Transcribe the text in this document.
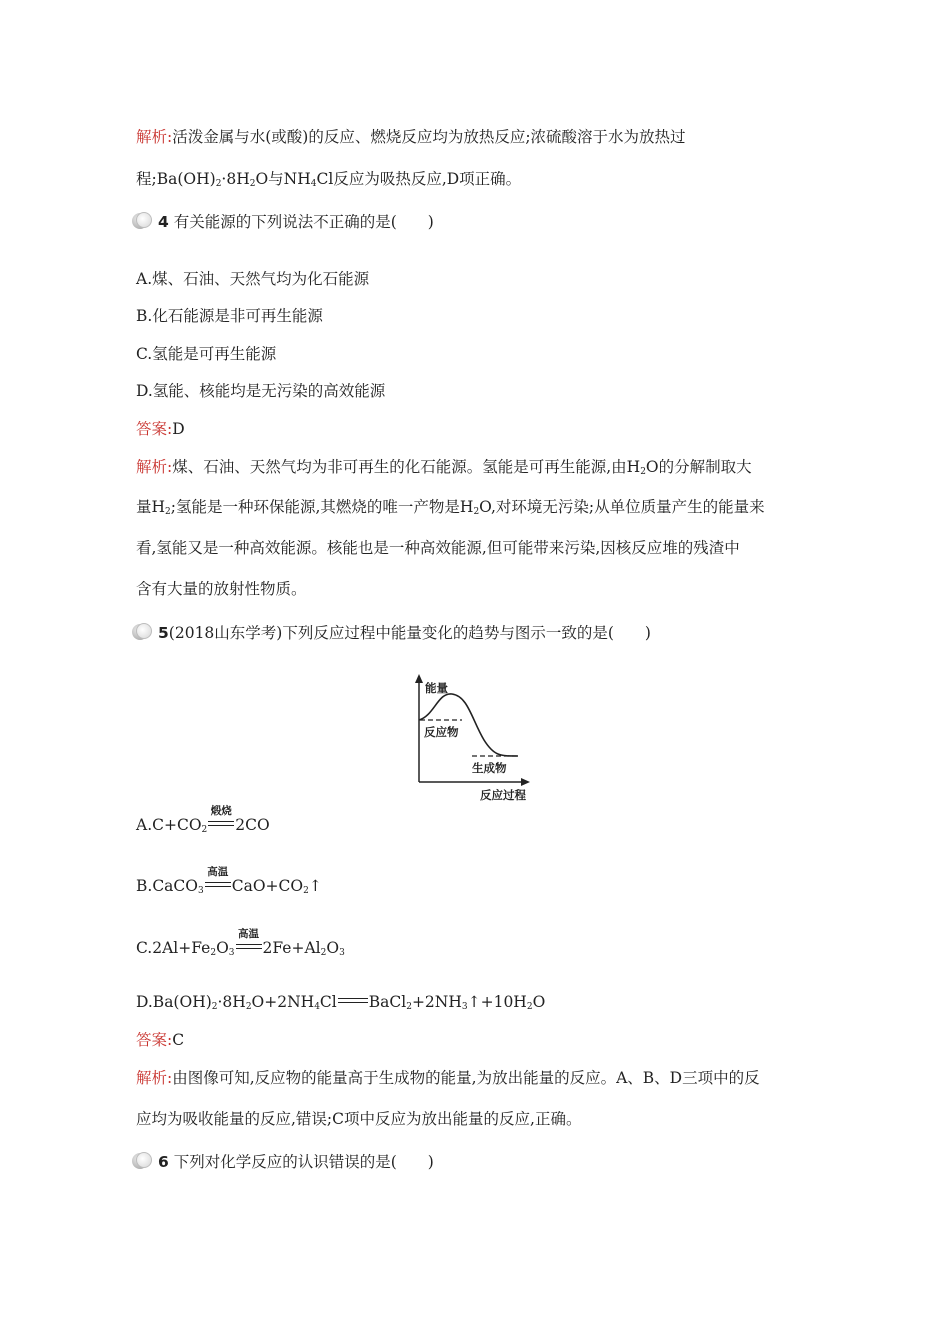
解析:活泼金属与水(或酸)的反应、燃烧反应均为放热反应;浓硫酸溶于水为放热过
程$;Ba(OH)_2\cdot 8H_2O$与$NH_4Cl$反应为吸热反应,D项正确。
4 有关能源的下列说法不正确的是(　　)
A.煤、石油、天然气均为化石能源
B.化石能源是非可再生能源
C.氢能是可再生能源
D.氢能、核能均是无污染的高效能源
答案:D
解析:煤、石油、天然气均为非可再生的化石能源。氢能是可再生能源,由$H_2O$的分解制取大
量$H_2$;氢能是一种环保能源,其燃烧的唯一产物是$H_2O$,对环境无污染;从单位质量产生的能量来
看,氢能又是一种高效能源。核能也是一种高效能源,但可能带来污染,因核反应堆的残渣中
含有大量的放射性物质。
5(2018山东学考)下列反应过程中能量变化的趋势与图示一致的是(　　)
能量
反应物
生成物
反应过程
$A.C+CO_2$
煅烧
2CO
B.CaCO$_3$
高温
$CaO+CO_2↑$
$C.2Al+Fe_2O_3$
高温
$2Fe+Al_2O_3$
$D.Ba(OH)_2\cdot 8H_2O+2NH_4Cl$ $BaCl_2+2NH_3↑+10H_2O$
答案:C
解析:由图像可知,反应物的能量高于生成物的能量,为放出能量的反应。A、B、D三项中的反
应均为吸收能量的反应,错误;C项中反应为放出能量的反应,正确。
6 下列对化学反应的认识错误的是(　　)
